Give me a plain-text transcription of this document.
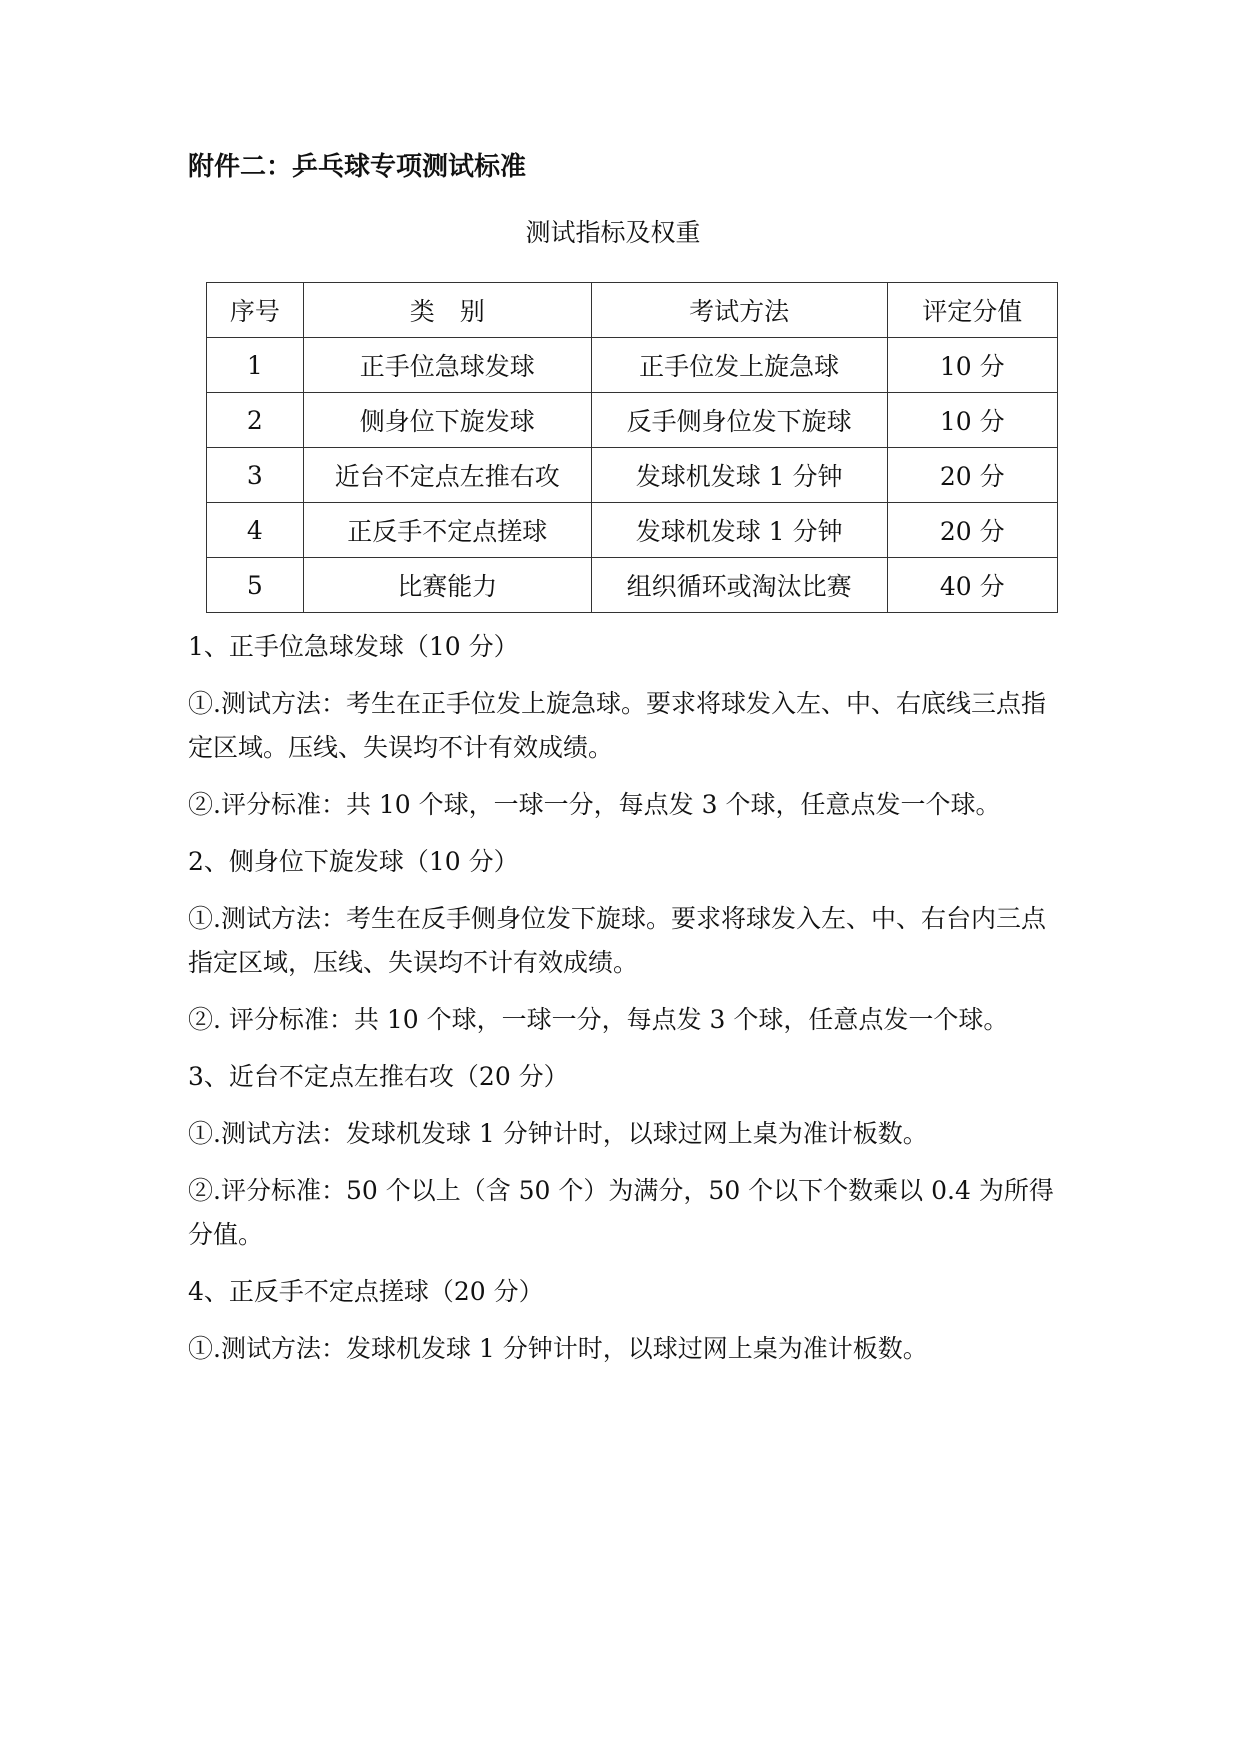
附件二：乒乓球专项测试标准
测试指标及权重
序号	类　别	考试方法	评定分值
1	正手位急球发球	正手位发上旋急球	10 分
2	侧身位下旋发球	反手侧身位发下旋球	10 分
3	近台不定点左推右攻	发球机发球 1 分钟	20 分
4	正反手不定点搓球	发球机发球 1 分钟	20 分
5	比赛能力	组织循环或淘汰比赛	40 分

1、正手位急球发球（10 分）

①.测试方法：考生在正手位发上旋急球。要求将球发入左、中、右底线三点指定区域。压线、失误均不计有效成绩。

②.评分标准：共 10 个球，一球一分，每点发 3 个球，任意点发一个球。

2、侧身位下旋发球（10 分）

①.测试方法：考生在反手侧身位发下旋球。要求将球发入左、中、右台内三点指定区域，压线、失误均不计有效成绩。

②. 评分标准：共 10 个球，一球一分，每点发 3 个球，任意点发一个球。

3、近台不定点左推右攻（20 分）

①.测试方法：发球机发球 1 分钟计时，以球过网上桌为准计板数。

②.评分标准：50 个以上（含 50 个）为满分，50 个以下个数乘以 0.4 为所得分值。

4、正反手不定点搓球（20 分）

①.测试方法：发球机发球 1 分钟计时，以球过网上桌为准计板数。
